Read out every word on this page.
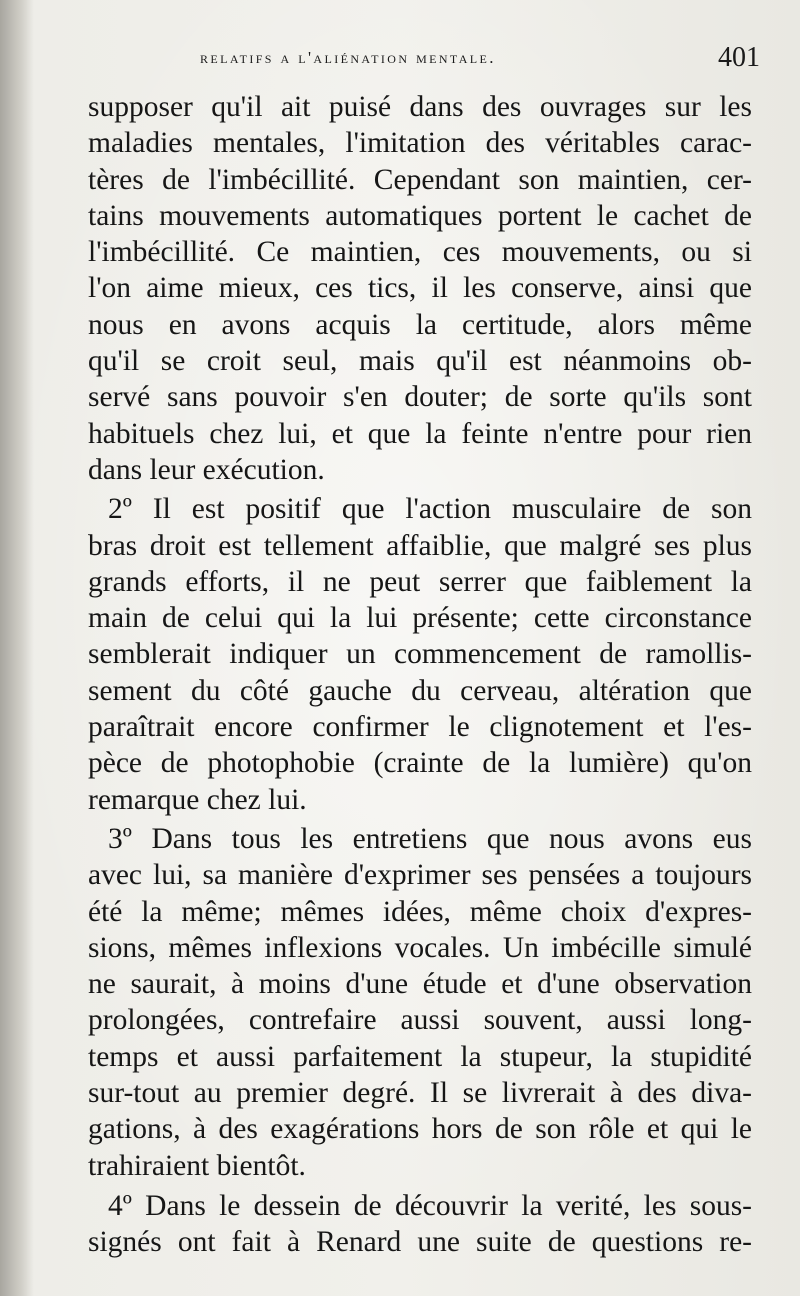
relatifs a l'aliénation mentale.	401
supposer qu'il ait puisé dans des ouvrages sur les
maladies mentales, l'imitation des véritables carac-
tères de l'imbécillité. Cependant son maintien, cer-
tains mouvements automatiques portent le cachet de
l'imbécillité. Ce maintien, ces mouvements, ou si
l'on aime mieux, ces tics, il les conserve, ainsi que
nous en avons acquis la certitude, alors même
qu'il se croit seul, mais qu'il est néanmoins ob-
servé sans pouvoir s'en douter; de sorte qu'ils sont
habituels chez lui, et que la feinte n'entre pour rien
dans leur exécution.
2º Il est positif que l'action musculaire de son
bras droit est tellement affaiblie, que malgré ses plus
grands efforts, il ne peut serrer que faiblement la
main de celui qui la lui présente; cette circonstance
semblerait indiquer un commencement de ramollis-
sement du côté gauche du cerveau, altération que
paraîtrait encore confirmer le clignotement et l'es-
pèce de photophobie (crainte de la lumière) qu'on
remarque chez lui.
3º Dans tous les entretiens que nous avons eus
avec lui, sa manière d'exprimer ses pensées a toujours
été la même; mêmes idées, même choix d'expres-
sions, mêmes inflexions vocales. Un imbécille simulé
ne saurait, à moins d'une étude et d'une observation
prolongées, contrefaire aussi souvent, aussi long-
temps et aussi parfaitement la stupeur, la stupidité
sur-tout au premier degré. Il se livrerait à des diva-
gations, à des exagérations hors de son rôle et qui le
trahiraient bientôt.
4º Dans le dessein de découvrir la verité, les sous-
signés ont fait à Renard une suite de questions re-
